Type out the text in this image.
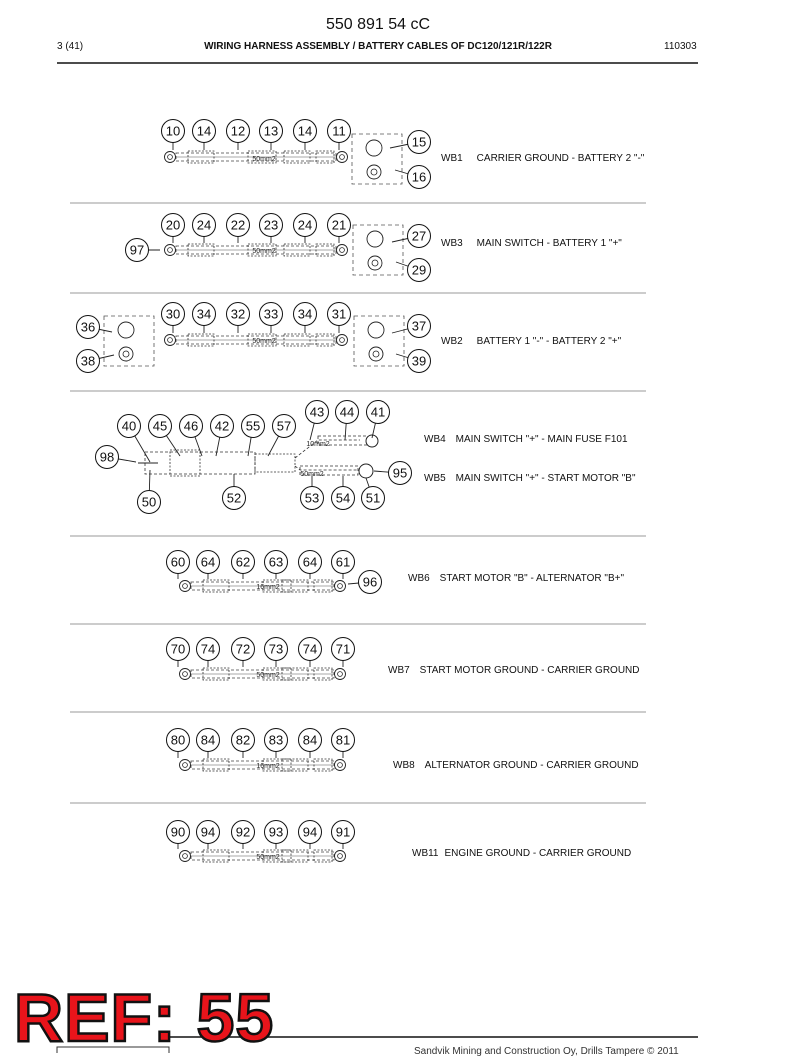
550 891 54 cC
3 (41)	WIRING HARNESS ASSEMBLY / BATTERY CABLES OF DC120/121R/122R	110303
50mm2
10 14 12 13 14 11
15
16
50mm2
20 24 22 23 24 21
97
27
29
50mm2
30 34 32 33 34 31
36
38
37
39
10mm2
50mm2
40 45 46 42 55 57
43 44 41
98
50	52	53 54 51
95
16mm2
60 64 62 63 64 61
96
50mm2
70 74 72 73 74 71
16mm2
80 84 82 83 84 81
50mm2
90 94 92 93 94 91
WB1 CARRIER GROUND - BATTERY 2 "-"
WB3 MAIN SWITCH - BATTERY 1 "+"
WB2 BATTERY 1 "-" - BATTERY 2 "+"
WB4 MAIN SWITCH "+" - MAIN FUSE F101
WB5 MAIN SWITCH "+" - START MOTOR "B"
WB6 START MOTOR "B" - ALTERNATOR "B+"
WB7 START MOTOR GROUND - CARRIER GROUND
WB8 ALTERNATOR GROUND - CARRIER GROUND
WB11 ENGINE GROUND - CARRIER GROUND
REF: 55	Sandvik Mining and Construction Oy, Drills Tampere © 2011
